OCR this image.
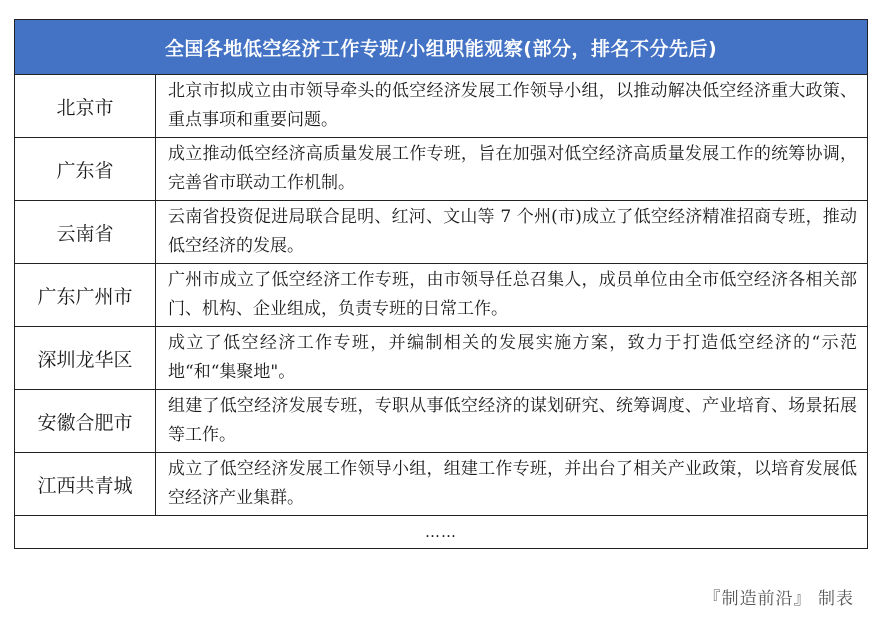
全国各地低空经济工作专班/小组职能观察(部分，排名不分先后)
北京市
北京市拟成立由市领导牵头的低空经济发展工作领导小组，以推动解决低空经济重大政策、重点事项和重要问题。
广东省
成立推动低空经济高质量发展工作专班，旨在加强对低空经济高质量发展工作的统筹协调，完善省市联动工作机制。
云南省
云南省投资促进局联合昆明、红河、文山等 7 个州(市)成立了低空经济精准招商专班，推动低空经济的发展。
广东广州市
广州市成立了低空经济工作专班，由市领导任总召集人，成员单位由全市低空经济各相关部门、机构、企业组成，负责专班的日常工作。
深圳龙华区
成立了低空经济工作专班，并编制相关的发展实施方案，致力于打造低空经济的“示范地“和“集聚地"。
安徽合肥市
组建了低空经济发展专班，专职从事低空经济的谋划研究、统筹调度、产业培育、场景拓展等工作。
江西共青城
成立了低空经济发展工作领导小组，组建工作专班，并出台了相关产业政策，以培育发展低空经济产业集群。
……
『制造前沿』 制表
